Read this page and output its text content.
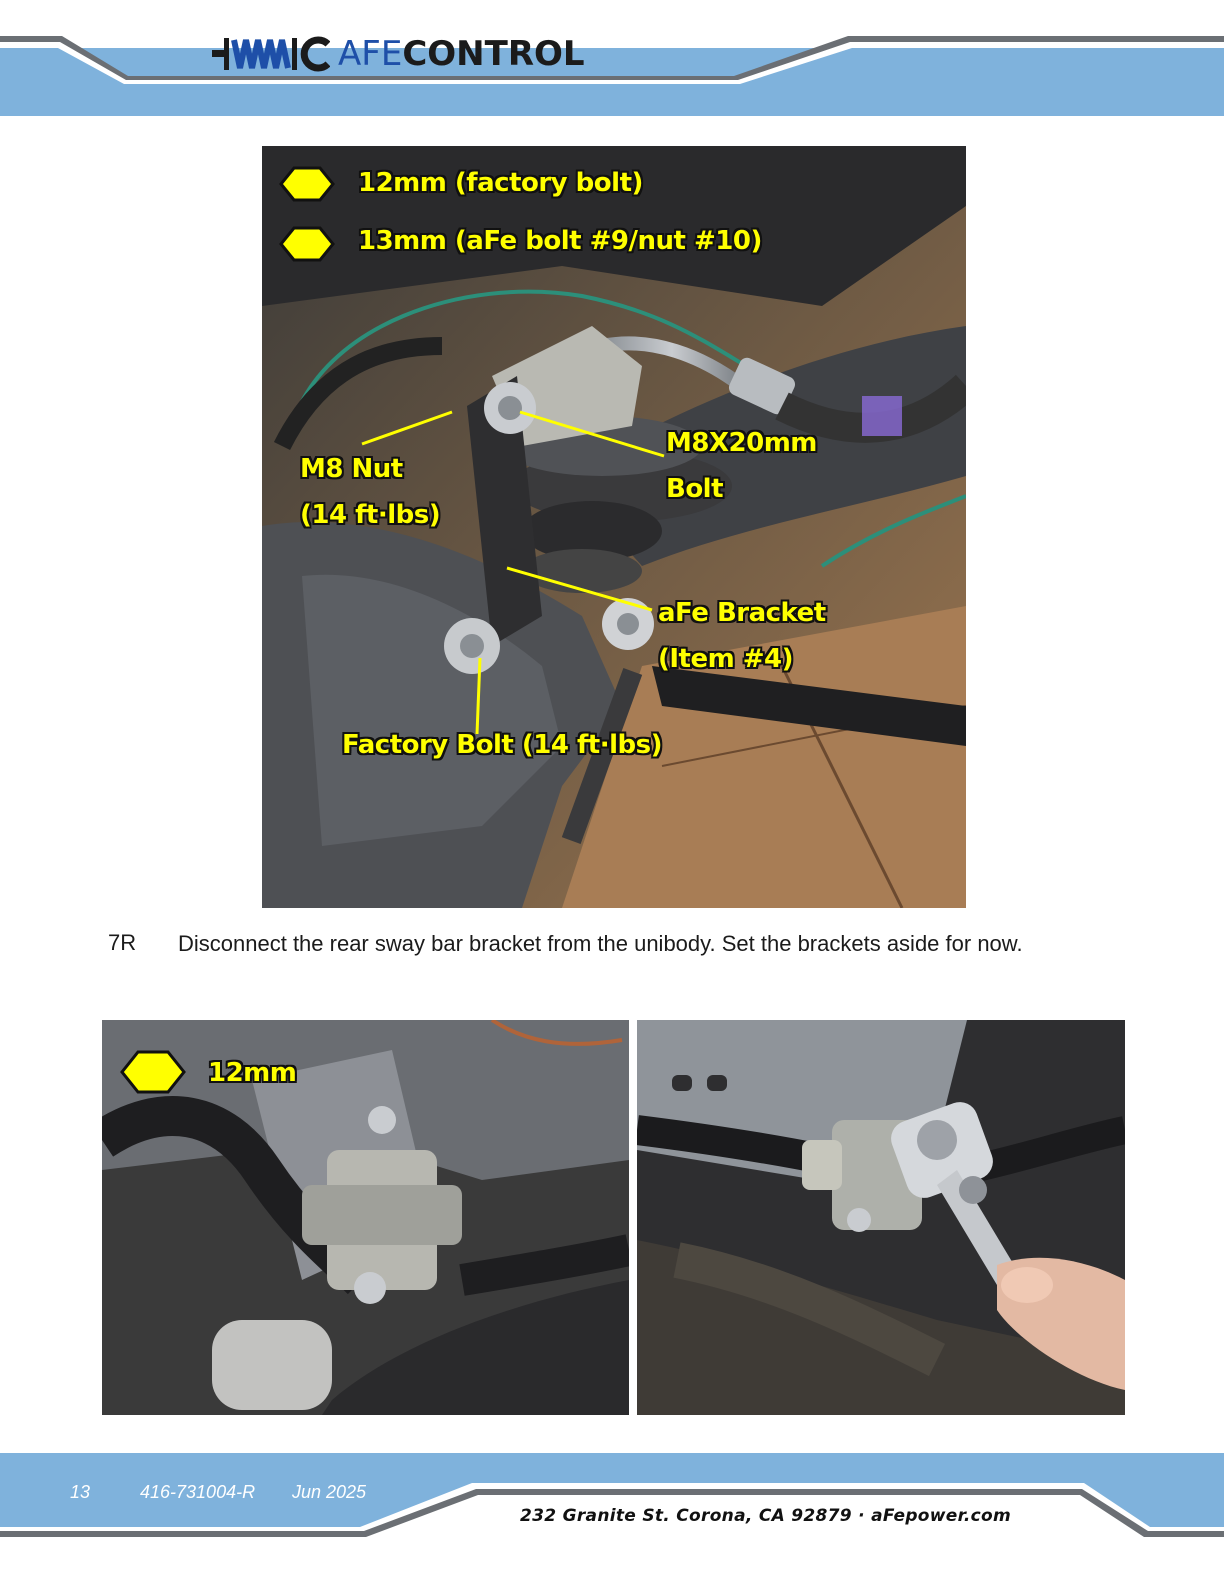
AFECONTROL
12mm (factory bolt)
13mm (aFe bolt #9/nut #10)
M8 Nut
(14 ft·lbs)
M8X20mm
Bolt
aFe Bracket
(Item #4)
Factory Bolt (14 ft·lbs)
7R Disconnect the rear sway bar bracket from the unibody. Set the brackets aside for now.
12mm
13	416-731004-R Jun 2025
232 Granite St. Corona, CA 92879 · aFepower.com
